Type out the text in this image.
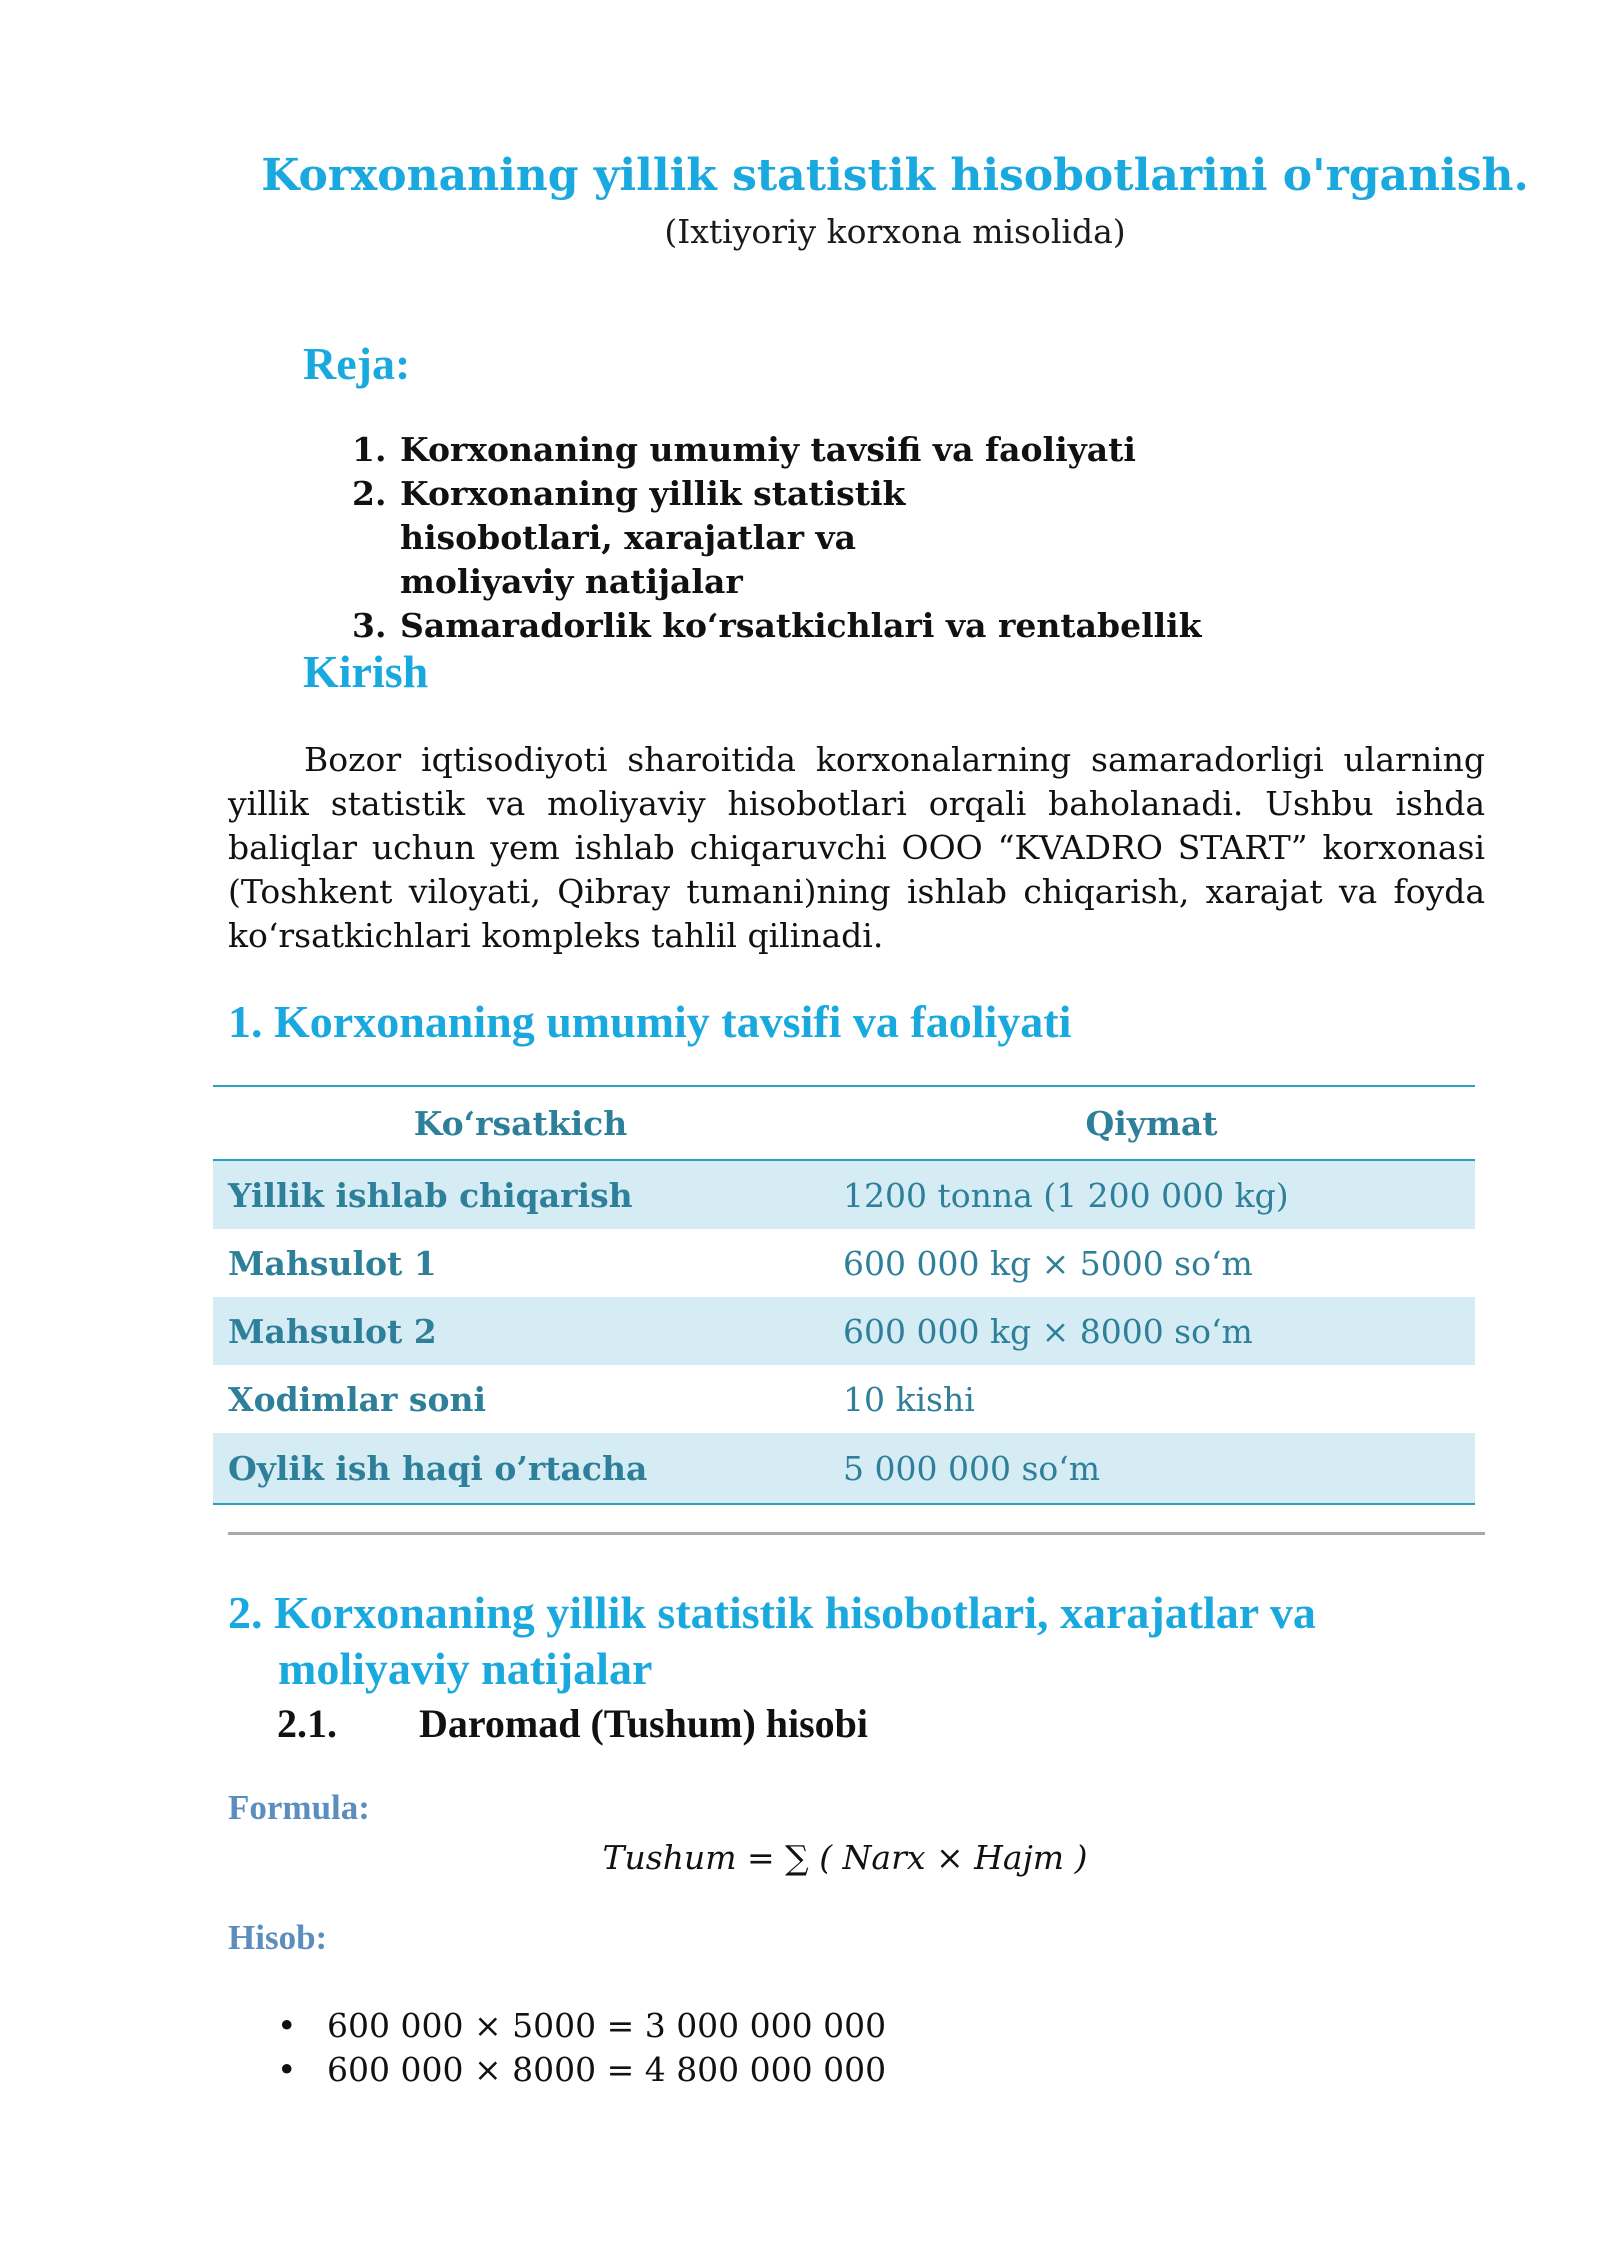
Korxonaning yillik statistik hisobotlarini o'rganish.
(Ixtiyoriy korxona misolida)
Reja:
1. Korxonaning umumiy tavsifi va faoliyati
2. Korxonaning yillik statistik hisobotlari, xarajatlar va moliyaviy natijalar
3. Samaradorlik ko‘rsatkichlari va rentabellik
Kirish

Bozor iqtisodiyoti sharoitida korxonalarning samaradorligi ularning yillik statistik va moliyaviy hisobotlari orqali baholanadi. Ushbu ishda baliqlar uchun yem ishlab chiqaruvchi OOO “KVADRO START” korxonasi (Toshkent viloyati, Qibray tumani)ning ishlab chiqarish, xarajat va foyda ko‘rsatkichlari kompleks tahlil qilinadi.

1. Korxonaning umumiy tavsifi va faoliyati
Ko‘rsatkich	Qiymat
Yillik ishlab chiqarish	1200 tonna (1 200 000 kg)
Mahsulot 1	600 000 kg × 5000 so‘m
Mahsulot 2	600 000 kg × 8000 so‘m
Xodimlar soni	10 kishi
Oylik ish haqi o’rtacha	5 000 000 so‘m
2. Korxonaning yillik statistik hisobotlari, xarajatlar va
moliyaviy natijalar
2.1. Daromad (Tushum) hisobi
Formula:
Tushum = ∑ ( Narx × Hajm )
Hisob:
• 600 000 × 5000 = 3 000 000 000
• 600 000 × 8000 = 4 800 000 000
